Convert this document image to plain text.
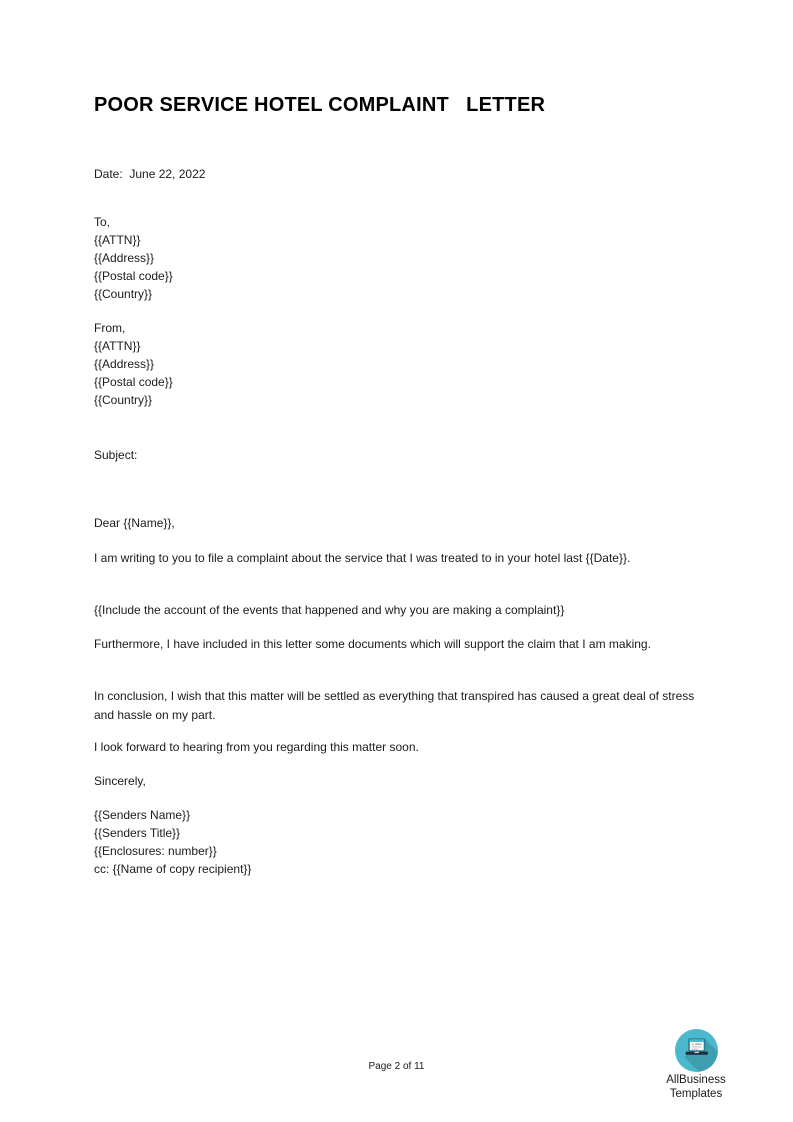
POOR SERVICE HOTEL COMPLAINT   LETTER
Date:  June 22, 2022
To,
{{ATTN}}
{{Address}}
{{Postal code}}
{{Country}}
From,
{{ATTN}}
{{Address}}
{{Postal code}}
{{Country}}
Subject:
Dear {{Name}},

I am writing to you to file a complaint about the service that I was treated to in your hotel last {{Date}}.

{{Include the account of the events that happened and why you are making a complaint}}

Furthermore, I have included in this letter some documents which will support the claim that I am making.

In conclusion, I wish that this matter will be settled as everything that transpired has caused a great deal of stress and hassle on my part.

I look forward to hearing from you regarding this matter soon.

Sincerely,

{{Senders Name}}
{{Senders Title}}
{{Enclosures: number}}
cc: {{Name of copy recipient}}
Page 2 of 11
AllBusiness
Templates
